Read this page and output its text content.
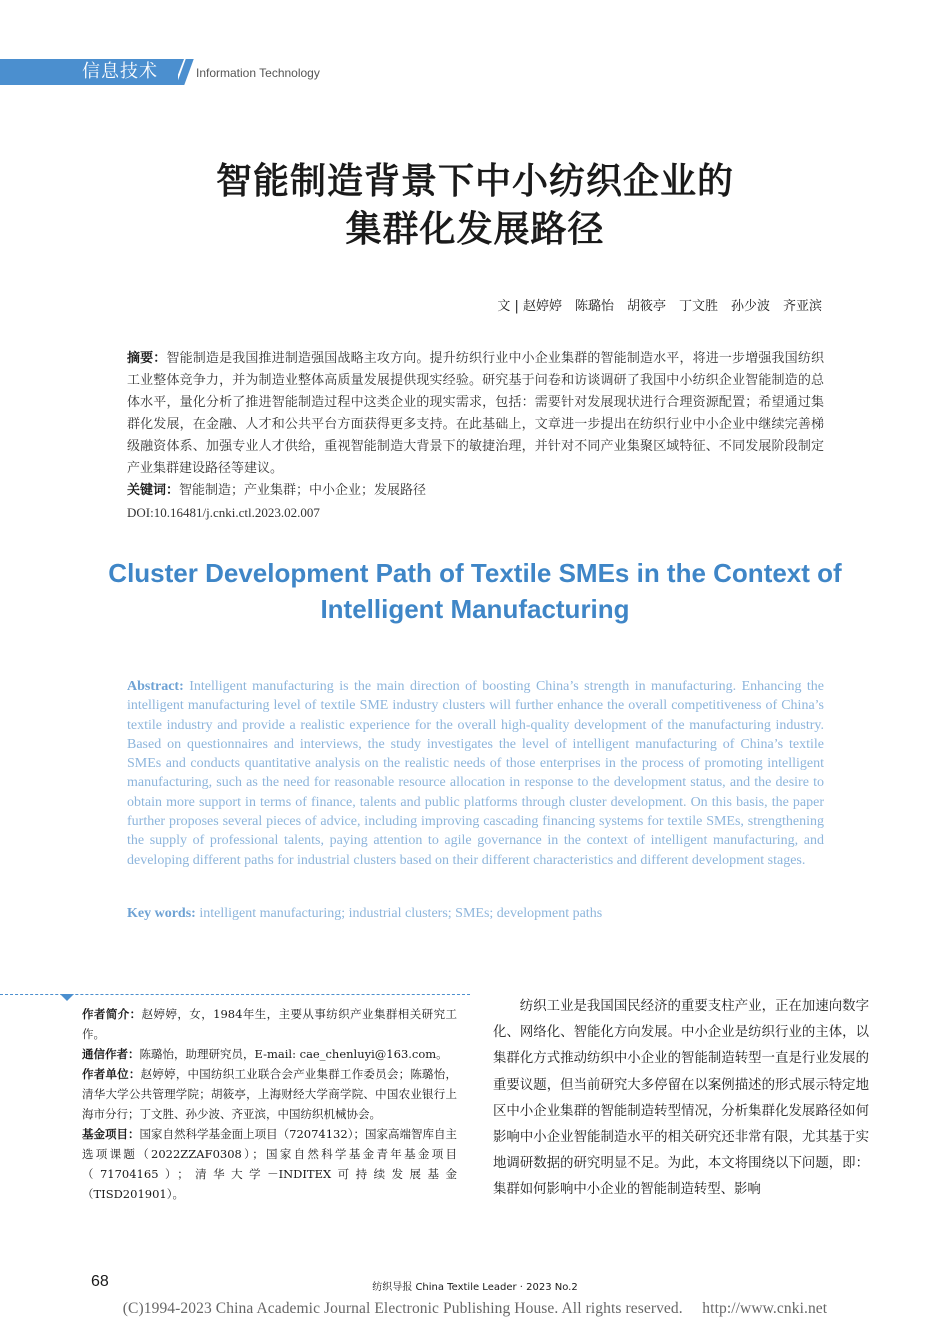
信息技术	Information Technology
智能制造背景下中小纺织企业的
集群化发展路径
文 | 赵婷婷　陈璐怡　胡筱亭　丁文胜　孙少波　齐亚滨
摘要：智能制造是我国推进制造强国战略主攻方向。提升纺织行业中小企业集群的智能制造水平，将进一步增强我国纺织工业整体竞争力，并为制造业整体高质量发展提供现实经验。研究基于问卷和访谈调研了我国中小纺织企业智能制造的总体水平，量化分析了推进智能制造过程中这类企业的现实需求，包括：需要针对发展现状进行合理资源配置；希望通过集群化发展，在金融、人才和公共平台方面获得更多支持。在此基础上，文章进一步提出在纺织行业中小企业中继续完善梯级融资体系、加强专业人才供给，重视智能制造大背景下的敏捷治理，并针对不同产业集聚区域特征、不同发展阶段制定产业集群建设路径等建议。
关键词：智能制造；产业集群；中小企业；发展路径
DOI:10.16481/j.cnki.ctl.2023.02.007
Cluster Development Path of Textile SMEs in the Context of
Intelligent Manufacturing
Abstract: Intelligent manufacturing is the main direction of boosting China’s strength in manufacturing. Enhancing the intelligent manufacturing level of textile SME industry clusters will further enhance the overall competitiveness of China’s textile industry and provide a realistic experience for the overall high-quality development of the manufacturing industry. Based on questionnaires and interviews, the study investigates the level of intelligent manufacturing of China’s textile SMEs and conducts quantitative analysis on the realistic needs of those enterprises in the process of promoting intelligent manufacturing, such as the need for reasonable resource allocation in response to the development status, and the desire to obtain more support in terms of finance, talents and public platforms through cluster development. On this basis, the paper further proposes several pieces of advice, including improving cascading financing systems for textile SMEs, strengthening the supply of professional talents, paying attention to agile governance in the context of intelligent manufacturing, and developing different paths for industrial clusters based on their different characteristics and different development stages.
Key words: intelligent manufacturing; industrial clusters; SMEs; development paths

作者简介：赵婷婷，女，1984年生，主要从事纺织产业集群相关研究工作。

通信作者：陈璐怡，助理研究员，E-mail: cae_chenluyi@163.com。

作者单位：赵婷婷，中国纺织工业联合会产业集群工作委员会；陈璐怡，清华大学公共管理学院；胡筱亭，上海财经大学商学院、中国农业银行上海市分行；丁文胜、孙少波、齐亚滨，中国纺织机械协会。

基金项目：国家自然科学基金面上项目（72074132）；国家高端智库自主选项课题（2022ZZAF0308）；国家自然科学基金青年基金项目（71704165）；清华大学－INDITEX可持续发展基金（TISD201901）。

纺织工业是我国国民经济的重要支柱产业，正在加速向数字化、网络化、智能化方向发展。中小企业是纺织行业的主体，以集群化方式推动纺织中小企业的智能制造转型一直是行业发展的重要议题，但当前研究大多停留在以案例描述的形式展示特定地区中小企业集群的智能制造转型情况，分析集群化发展路径如何影响中小企业智能制造水平的相关研究还非常有限，尤其基于实地调研数据的研究明显不足。为此，本文将围绕以下问题，即：集群如何影响中小企业的智能制造转型、影响
68	纺织导报 China Textile Leader · 2023 No.2
(C)1994-2023 China Academic Journal Electronic Publishing House. All rights reserved.　 http://www.cnki.net
